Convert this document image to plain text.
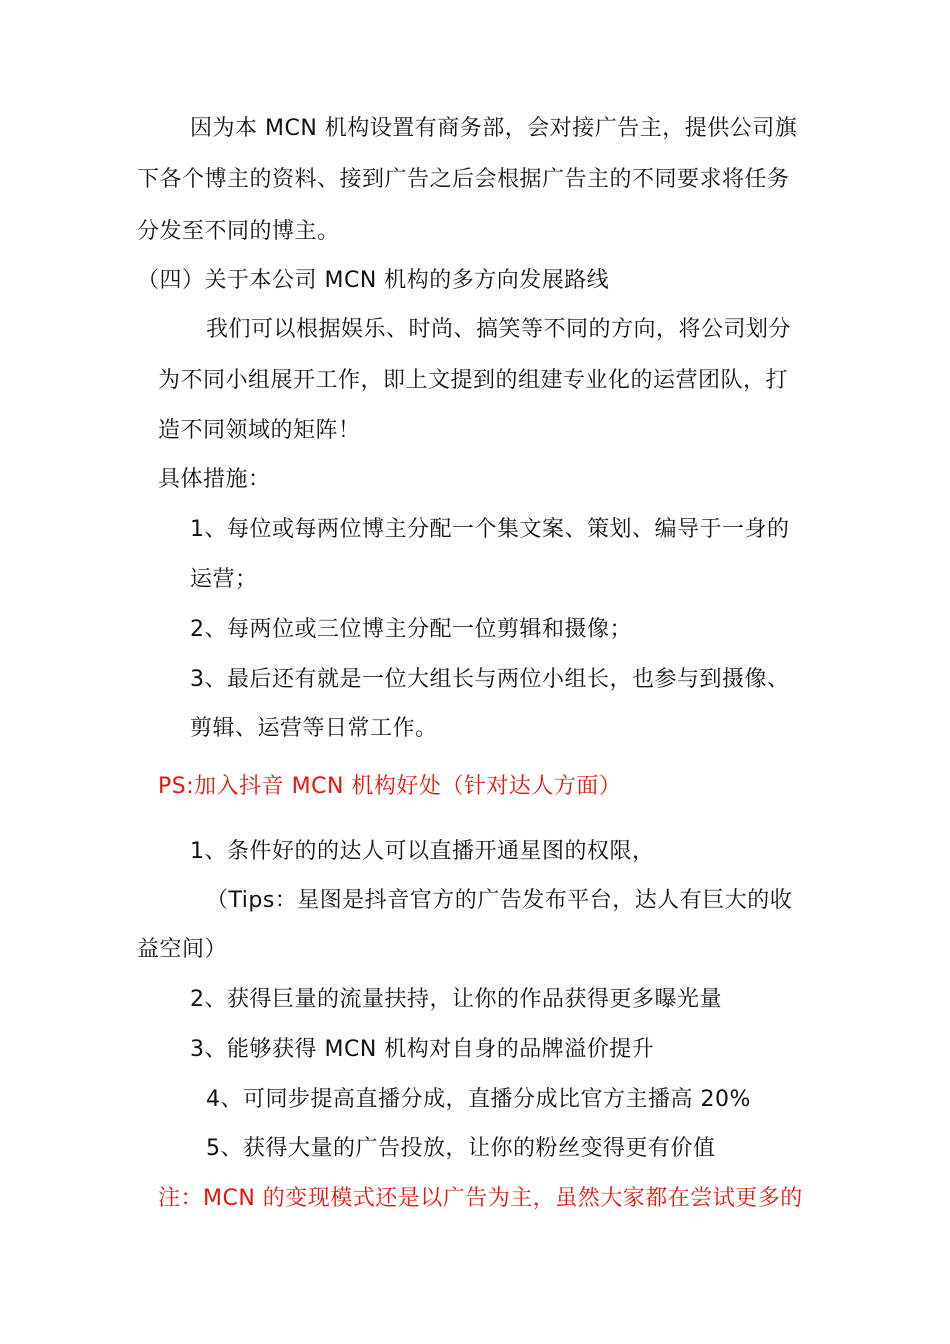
因为本 MCN 机构设置有商务部，会对接广告主，提供公司旗
下各个博主的资料、接到广告之后会根据广告主的不同要求将任务
分发至不同的博主。
（四）关于本公司 MCN 机构的多方向发展路线
我们可以根据娱乐、时尚、搞笑等不同的方向，将公司划分
为不同小组展开工作，即上文提到的组建专业化的运营团队，打
造不同领域的矩阵！
具体措施：
1、每位或每两位博主分配一个集文案、策划、编导于一身的
运营；
2、每两位或三位博主分配一位剪辑和摄像；
3、最后还有就是一位大组长与两位小组长，也参与到摄像、
剪辑、运营等日常工作。
PS:加入抖音 MCN 机构好处（针对达人方面）
1、条件好的的达人可以直播开通星图的权限，
（Tips：星图是抖音官方的广告发布平台，达人有巨大的收
益空间）
2、获得巨量的流量扶持，让你的作品获得更多曝光量
3、能够获得 MCN 机构对自身的品牌溢价提升
4、可同步提高直播分成，直播分成比官方主播高 20%
5、获得大量的广告投放，让你的粉丝变得更有价值
注：MCN 的变现模式还是以广告为主，虽然大家都在尝试更多的
